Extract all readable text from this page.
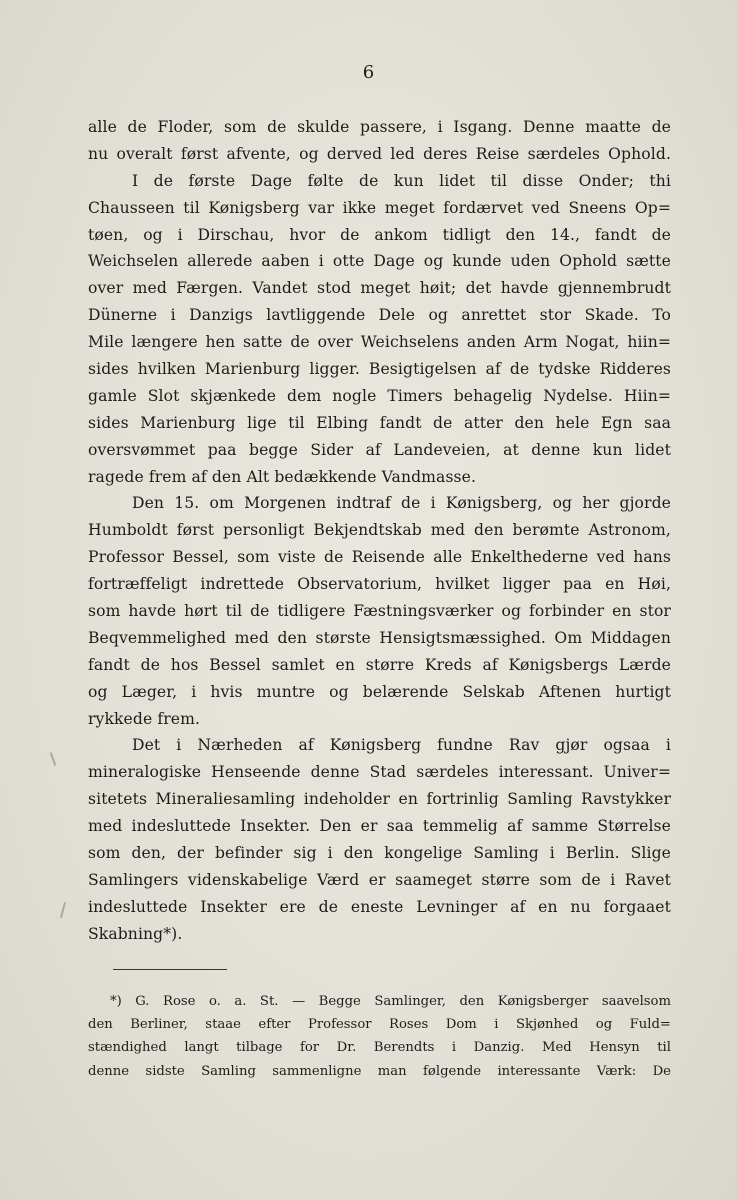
6
alle de Floder, som de skulde passere, i Isgang. Denne maatte de
nu overalt først afvente, og derved led deres Reise særdeles Ophold.
I de første Dage følte de kun lidet til disse Onder; thi
Chausseen til Kønigsberg var ikke meget fordærvet ved Sneens Op=
tøen, og i Dirschau, hvor de ankom tidligt den 14., fandt de
Weichselen allerede aaben i otte Dage og kunde uden Ophold sætte
over med Færgen. Vandet stod meget høit; det havde gjennembrudt
Dünerne i Danzigs lavtliggende Dele og anrettet stor Skade. To
Mile længere hen satte de over Weichselens anden Arm Nogat, hiin=
sides hvilken Marienburg ligger. Besigtigelsen af de tydske Ridderes
gamle Slot skjænkede dem nogle Timers behagelig Nydelse. Hiin=
sides Marienburg lige til Elbing fandt de atter den hele Egn saa
oversvømmet paa begge Sider af Landeveien, at denne kun lidet
ragede frem af den Alt bedækkende Vandmasse.
Den 15. om Morgenen indtraf de i Kønigsberg, og her gjorde
Humboldt først personligt Bekjendtskab med den berømte Astronom,
Professor Bessel, som viste de Reisende alle Enkelthederne ved hans
fortræffeligt indrettede Observatorium, hvilket ligger paa en Høi,
som havde hørt til de tidligere Fæstningsværker og forbinder en stor
Beqvemmelighed med den største Hensigtsmæssighed. Om Middagen
fandt de hos Bessel samlet en større Kreds af Kønigsbergs Lærde
og Læger, i hvis muntre og belærende Selskab Aftenen hurtigt
rykkede frem.
Det i Nærheden af Kønigsberg fundne Rav gjør ogsaa i
mineralogiske Henseende denne Stad særdeles interessant. Univer=
sitetets Mineraliesamling indeholder en fortrinlig Samling Ravstykker
med indesluttede Insekter. Den er saa temmelig af samme Størrelse
som den, der befinder sig i den kongelige Samling i Berlin. Slige
Samlingers videnskabelige Værd er saameget større som de i Ravet
indesluttede Insekter ere de eneste Levninger af en nu forgaaet
Skabning*).
*) G. Rose o. a. St. — Begge Samlinger, den Kønigsberger saavelsom
den Berliner, staae efter Professor Roses Dom i Skjønhed og Fuld=
stændighed langt tilbage for Dr. Berendts i Danzig. Med Hensyn til
denne sidste Samling sammenligne man følgende interessante Værk: De
